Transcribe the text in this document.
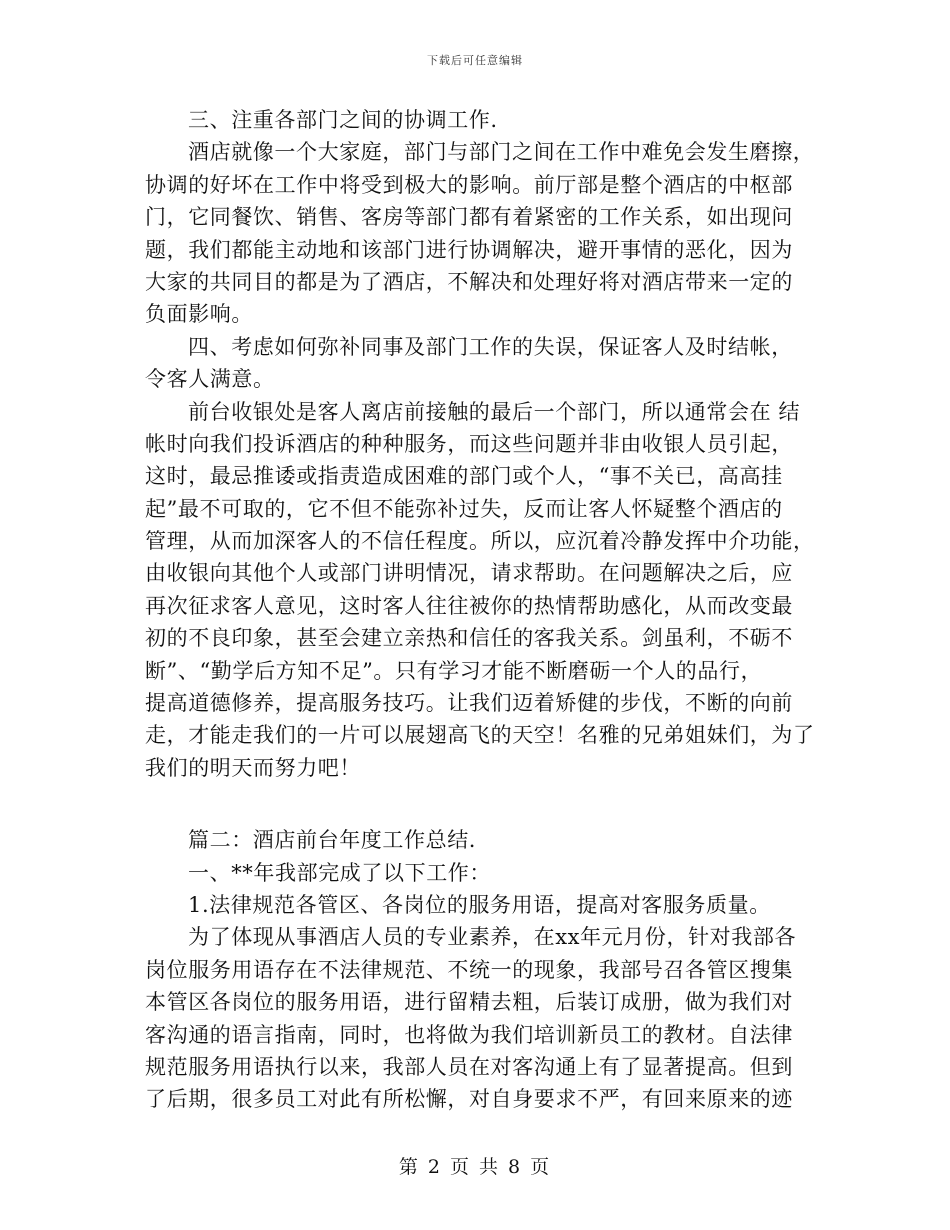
下载后可任意编辑
三、注重各部门之间的协调工作.
酒店就像一个大家庭，部门与部门之间在工作中难免会发生磨擦，
协调的好坏在工作中将受到极大的影响。前厅部是整个酒店的中枢部
门，它同餐饮、销售、客房等部门都有着紧密的工作关系，如出现问
题，我们都能主动地和该部门进行协调解决，避开事情的恶化，因为
大家的共同目的都是为了酒店，不解决和处理好将对酒店带来一定的
负面影响。
四、考虑如何弥补同事及部门工作的失误，保证客人及时结帐，
令客人满意。
前台收银处是客人离店前接触的最后一个部门，所以通常会在 结
帐时向我们投诉酒店的种种服务，而这些问题并非由收银人员引起，
这时，最忌推诿或指责造成困难的部门或个人，“事不关已，高高挂
起”最不可取的，它不但不能弥补过失，反而让客人怀疑整个酒店的
管理，从而加深客人的不信任程度。所以，应沉着冷静发挥中介功能，
由收银向其他个人或部门讲明情况，请求帮助。在问题解决之后，应
再次征求客人意见，这时客人往往被你的热情帮助感化，从而改变最
初的不良印象，甚至会建立亲热和信任的客我关系。剑虽利，不砺不
断”、“勤学后方知不足”。只有学习才能不断磨砺一个人的品行，
提高道德修养，提高服务技巧。让我们迈着矫健的步伐，不断的向前
走，才能走我们的一片可以展翅高飞的天空！名雅的兄弟姐妹们，为了
我们的明天而努力吧！
篇二：酒店前台年度工作总结.
一、**年我部完成了以下工作：
1.法律规范各管区、各岗位的服务用语，提高对客服务质量。
为了体现从事酒店人员的专业素养，在xx年元月份，针对我部各
岗位服务用语存在不法律规范、不统一的现象，我部号召各管区搜集
本管区各岗位的服务用语，进行留精去粗，后装订成册，做为我们对
客沟通的语言指南，同时，也将做为我们培训新员工的教材。自法律
规范服务用语执行以来，我部人员在对客沟通上有了显著提高。但到
了后期，很多员工对此有所松懈，对自身要求不严，有回来原来的迹
第 2 页 共 8 页
